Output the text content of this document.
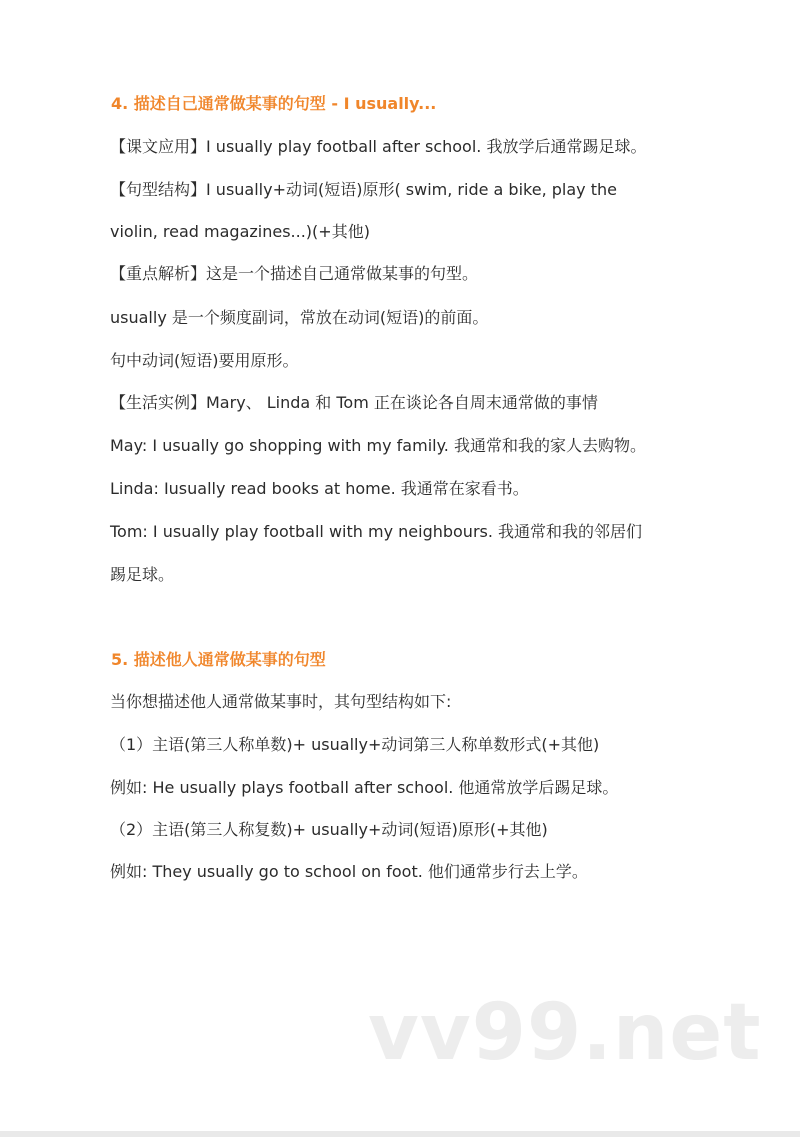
4. 描述自己通常做某事的句型 - I usually...
【课文应用】I usually play football after school. 我放学后通常踢足球。
【句型结构】I usually+动词(短语)原形( swim, ride a bike, play the
violin, read magazines...)(+其他)
【重点解析】这是一个描述自己通常做某事的句型。
usually 是一个频度副词，常放在动词(短语)的前面。
句中动词(短语)要用原形。
【生活实例】Mary、 Linda 和 Tom 正在谈论各自周末通常做的事情
May: I usually go shopping with my family. 我通常和我的家人去购物。
Linda: Iusually read books at home. 我通常在家看书。
Tom: I usually play football with my neighbours. 我通常和我的邻居们
踢足球。
5. 描述他人通常做某事的句型
当你想描述他人通常做某事时，其句型结构如下:
（1）主语(第三人称单数)+ usually+动词第三人称单数形式(+其他)
例如: He usually plays football after school. 他通常放学后踢足球。
（2）主语(第三人称复数)+ usually+动词(短语)原形(+其他)
例如: They usually go to school on foot. 他们通常步行去上学。
vv99.net
